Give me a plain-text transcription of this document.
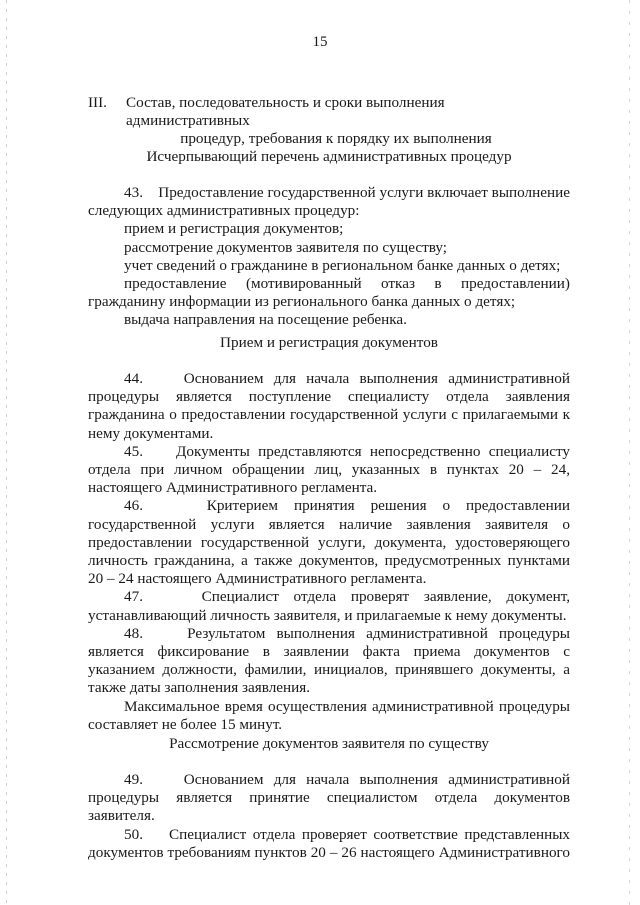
15
III.	Состав, последовательность и сроки выполнения административных
процедур, требования к порядку их выполнения
Исчерпывающий перечень административных процедур

43.    Предоставление государственной услуги включает выполнение следующих административных процедур:

прием и регистрация документов;

рассмотрение документов заявителя по существу;

учет сведений о гражданине в региональном банке данных о детях;

предоставление (мотивированный отказ в предоставлении) гражданину информации из регионального банка данных о детях;

выдача направления на посещение ребенка.

Прием и регистрация документов

44.    Основанием для начала выполнения административной процедуры является поступление специалисту отдела заявления гражданина о предоставлении государственной услуги с прилагаемыми к нему документами.

45.    Документы представляются непосредственно специалисту отдела при личном обращении лиц, указанных в пунктах 20 – 24, настоящего Административного регламента.

46.    Критерием принятия решения о предоставлении государственной услуги является наличие заявления заявителя о предоставлении государственной услуги, документа, удостоверяющего личность гражданина, а также документов, предусмотренных пунктами 20 – 24 настоящего Административного регламента.

47.    Специалист отдела проверят заявление, документ, устанавливающий личность заявителя, и прилагаемые к нему документы.

48.    Результатом выполнения административной процедуры является фиксирование в заявлении факта приема документов с указанием должности, фамилии, инициалов, принявшего документы, а также даты заполнения заявления.

Максимальное время осуществления административной процедуры составляет не более 15 минут.

Рассмотрение документов заявителя по существу

49.    Основанием для начала выполнения административной процедуры является принятие специалистом отдела документов заявителя.

50.    Специалист отдела проверяет соответствие представленных документов требованиям пунктов 20 – 26 настоящего Административного
